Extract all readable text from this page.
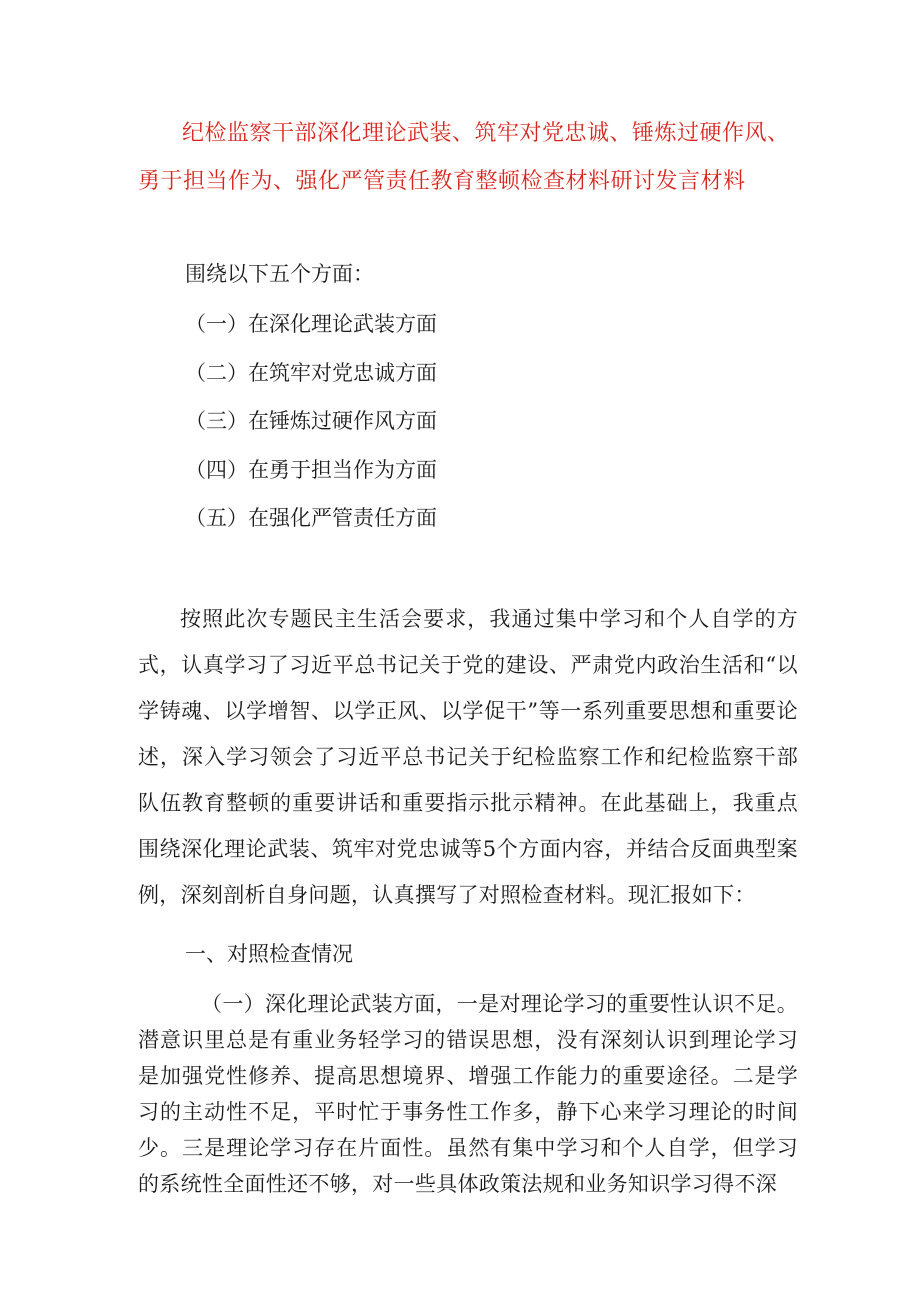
纪检监察干部深化理论武装、筑牢对党忠诚、锤炼过硬作风、勇于担当作为、强化严管责任教育整顿检查材料研讨发言材料
围绕以下五个方面：
（一）在深化理论武装方面
（二）在筑牢对党忠诚方面
（三）在锤炼过硬作风方面
（四）在勇于担当作为方面
（五）在强化严管责任方面

按照此次专题民主生活会要求，我通过集中学习和个人自学的方式，认真学习了习近平总书记关于党的建设、严肃党内政治生活和“以学铸魂、以学增智、以学正风、以学促干”等一系列重要思想和重要论述，深入学习领会了习近平总书记关于纪检监察工作和纪检监察干部队伍教育整顿的重要讲话和重要指示批示精神。在此基础上，我重点围绕深化理论武装、筑牢对党忠诚等5个方面内容，并结合反面典型案例，深刻剖析自身问题，认真撰写了对照检查材料。现汇报如下：

一、对照检查情况

（一）深化理论武装方面，一是对理论学习的重要性认识不足。潜意识里总是有重业务轻学习的错误思想，没有深刻认识到理论学习是加强党性修养、提高思想境界、增强工作能力的重要途径。二是学习的主动性不足，平时忙于事务性工作多，静下心来学习理论的时间少。三是理论学习存在片面性。虽然有集中学习和个人自学，但学习的系统性全面性还不够，对一些具体政策法规和业务知识学习得不深
